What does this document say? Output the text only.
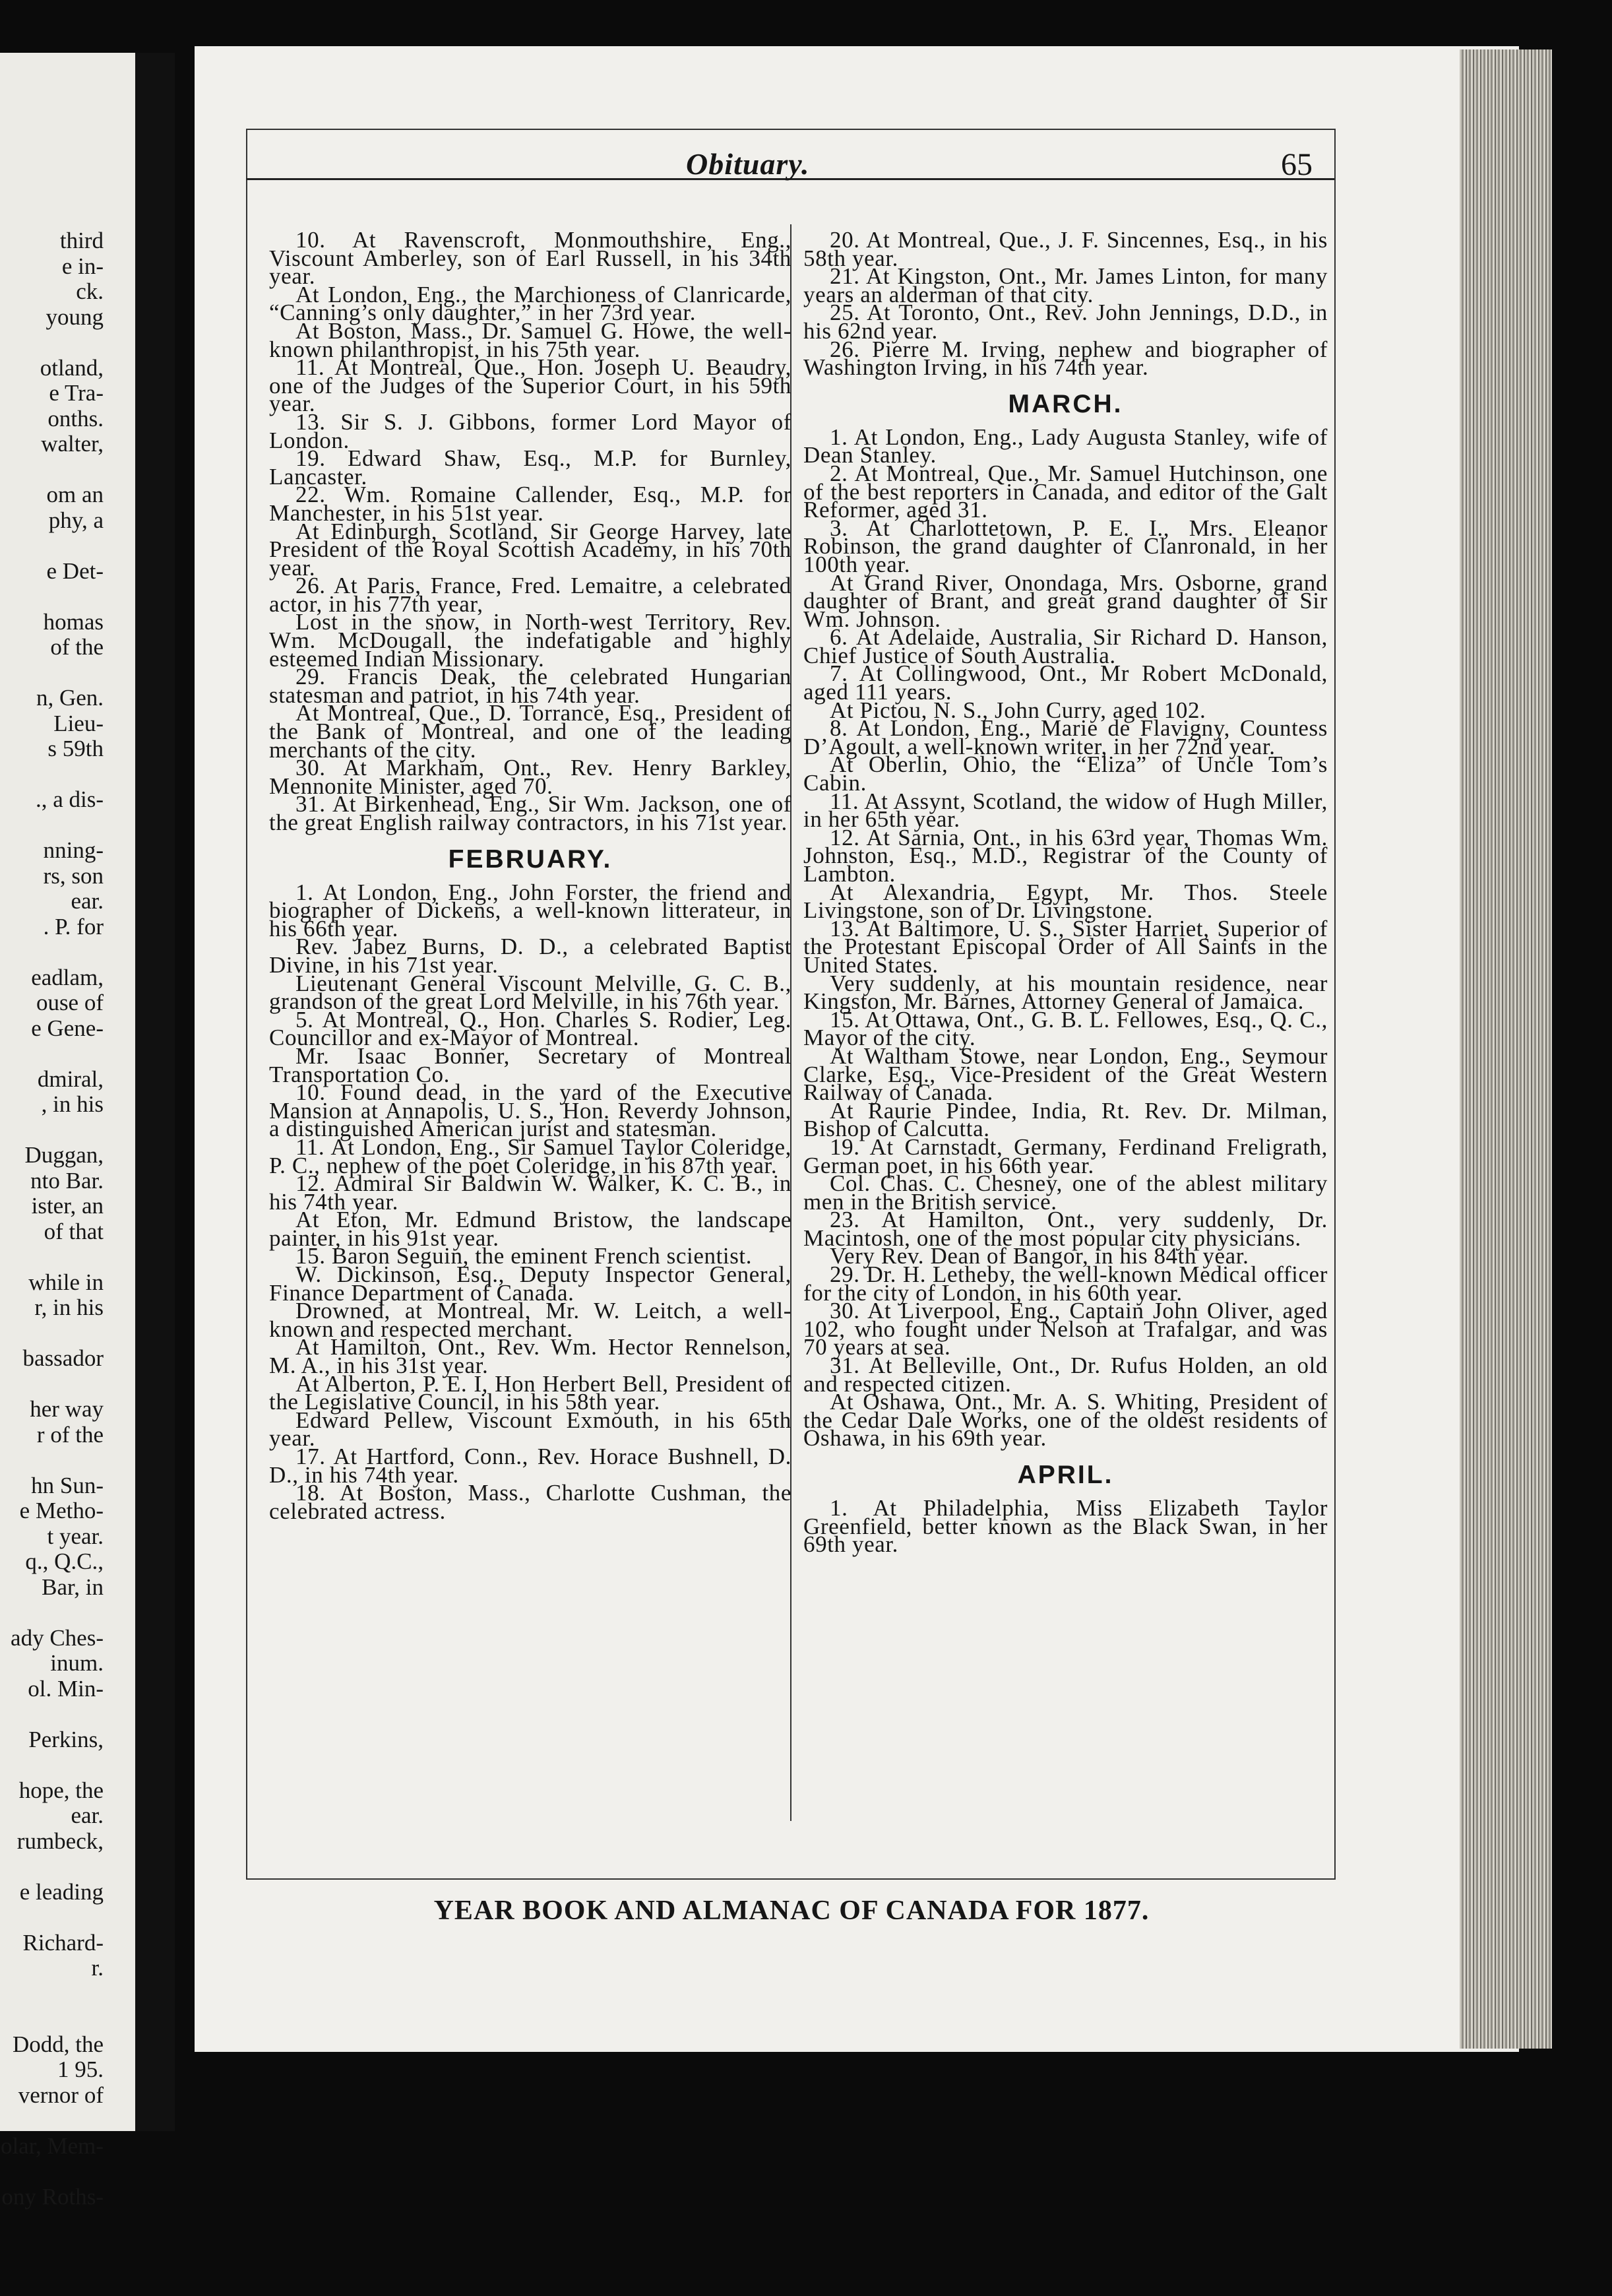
third
e in-
ck.
young
otland,
e Tra-
onths.
walter,
om an
phy, a
e Det-
homas
of the
n, Gen.
Lieu-
s 59th
., a dis-
nning-
rs, son
ear.
. P. for
eadlam,
ouse of
e Gene-
dmiral,
, in his
Duggan,
nto Bar.
ister, an
of that
while in
r, in his
bassador
her way
r of the
hn Sun-
e Metho-
t year.
q., Q.C.,
Bar, in
ady Ches-
inum.
ol. Min-
Perkins,
hope, the
ear.
rumbeck,
e leading
Richard-
r.
Dodd, the
1 95.
vernor of
olar, Mem-
ony Roths-
Obituary.	65

10. At Ravenscroft, Monmouthshire, Eng., Viscount Amberley, son of Earl Russell, in his 34th year.

At London, Eng., the Marchioness of Clanricarde, “Canning’s only daughter,” in her 73rd year.

At Boston, Mass., Dr. Samuel G. Howe, the well-known philanthropist, in his 75th year.

11. At Montreal, Que., Hon. Joseph U. Beaudry, one of the Judges of the Superior Court, in his 59th year.

13. Sir S. J. Gibbons, former Lord Mayor of London.

19. Edward Shaw, Esq., M.P. for Burnley, Lancaster.

22. Wm. Romaine Callender, Esq., M.P. for Manchester, in his 51st year.

At Edinburgh, Scotland, Sir George Harvey, late President of the Royal Scottish Academy, in his 70th year.

26. At Paris, France, Fred. Lemaitre, a celebrated actor, in his 77th year,

Lost in the snow, in North-west Territory, Rev. Wm. McDougall, the indefatigable and highly esteemed Indian Missionary.

29. Francis Deak, the celebrated Hungarian statesman and patriot, in his 74th year.

At Montreal, Que., D. Torrance, Esq., President of the Bank of Montreal, and one of the leading merchants of the city.

30. At Markham, Ont., Rev. Henry Barkley, Mennonite Minister, aged 70.

31. At Birkenhead, Eng., Sir Wm. Jackson, one of the great English railway contractors, in his 71st year.

FEBRUARY.

1. At London, Eng., John Forster, the friend and biographer of Dickens, a well-known litterateur, in his 66th year.

Rev. Jabez Burns, D. D., a celebrated Baptist Divine, in his 71st year.

Lieutenant General Viscount Melville, G. C. B., grandson of the great Lord Melville, in his 76th year.

5. At Montreal, Q., Hon. Charles S. Rodier, Leg. Councillor and ex-Mayor of Montreal.

Mr. Isaac Bonner, Secretary of Montreal Transportation Co.

10. Found dead, in the yard of the Executive Mansion at Annapolis, U. S., Hon. Reverdy Johnson, a distinguished American jurist and statesman.

11. At London, Eng., Sir Samuel Taylor Coleridge, P. C., nephew of the poet Coleridge, in his 87th year.

12. Admiral Sir Baldwin W. Walker, K. C. B., in his 74th year.

At Eton, Mr. Edmund Bristow, the landscape painter, in his 91st year.

15. Baron Seguin, the eminent French scientist.

W. Dickinson, Esq., Deputy Inspector General, Finance Department of Canada.

Drowned, at Montreal, Mr. W. Leitch, a well-known and respected merchant.

At Hamilton, Ont., Rev. Wm. Hector Rennelson, M. A., in his 31st year.

At Alberton, P. E. I, Hon Herbert Bell, President of the Legislative Council, in his 58th year.

Edward Pellew, Viscount Exmouth, in his 65th year.

17. At Hartford, Conn., Rev. Horace Bushnell, D. D., in his 74th year.

18. At Boston, Mass., Charlotte Cushman, the celebrated actress.

20. At Montreal, Que., J. F. Sincennes, Esq., in his 58th year.

21. At Kingston, Ont., Mr. James Linton, for many years an alderman of that city.

25. At Toronto, Ont., Rev. John Jennings, D.D., in his 62nd year.

26. Pierre M. Irving, nephew and biographer of Washington Irving, in his 74th year.

MARCH.

1. At London, Eng., Lady Augusta Stanley, wife of Dean Stanley.

2. At Montreal, Que., Mr. Samuel Hutchinson, one of the best reporters in Canada, and editor of the Galt Reformer, aged 31.

3. At Charlottetown, P. E. I., Mrs. Eleanor Robinson, the grand daughter of Clanronald, in her 100th year.

At Grand River, Onondaga, Mrs. Osborne, grand daughter of Brant, and great grand daughter of Sir Wm. Johnson.

6. At Adelaide, Australia, Sir Richard D. Hanson, Chief Justice of South Australia.

7. At Collingwood, Ont., Mr Robert McDonald, aged 111 years.

At Pictou, N. S., John Curry, aged 102.

8. At London, Eng., Marie de Flavigny, Countess D’Agoult, a well-known writer, in her 72nd year.

At Oberlin, Ohio, the “Eliza” of Uncle Tom’s Cabin.

11. At Assynt, Scotland, the widow of Hugh Miller, in her 65th year.

12. At Sarnia, Ont., in his 63rd year, Thomas Wm. Johnston, Esq., M.D., Registrar of the County of Lambton.

At Alexandria, Egypt, Mr. Thos. Steele Livingstone, son of Dr. Livingstone.

13. At Baltimore, U. S., Sister Harriet, Superior of the Protestant Episcopal Order of All Saints in the United States.

Very suddenly, at his mountain residence, near Kingston, Mr. Barnes, Attorney General of Jamaica.

15. At Ottawa, Ont., G. B. L. Fellowes, Esq., Q. C., Mayor of the city.

At Waltham Stowe, near London, Eng., Seymour Clarke, Esq., Vice-President of the Great Western Railway of Canada.

At Raurie Pindee, India, Rt. Rev. Dr. Milman, Bishop of Calcutta.

19. At Carnstadt, Germany, Ferdinand Freligrath, German poet, in his 66th year.

Col. Chas. C. Chesney, one of the ablest military men in the British service.

23. At Hamilton, Ont., very suddenly, Dr. Macintosh, one of the most popular city physicians.

Very Rev. Dean of Bangor, in his 84th year.

29. Dr. H. Letheby, the well-known Medical officer for the city of London, in his 60th year.

30. At Liverpool, Eng., Captain John Oliver, aged 102, who fought under Nelson at Trafalgar, and was 70 years at sea.

31. At Belleville, Ont., Dr. Rufus Holden, an old and respected citizen.

At Oshawa, Ont., Mr. A. S. Whiting, President of the Cedar Dale Works, one of the oldest residents of Oshawa, in his 69th year.

APRIL.

1. At Philadelphia, Miss Elizabeth Taylor Greenfield, better known as the Black Swan, in her 69th year.

YEAR BOOK AND ALMANAC OF CANADA FOR 1877.
